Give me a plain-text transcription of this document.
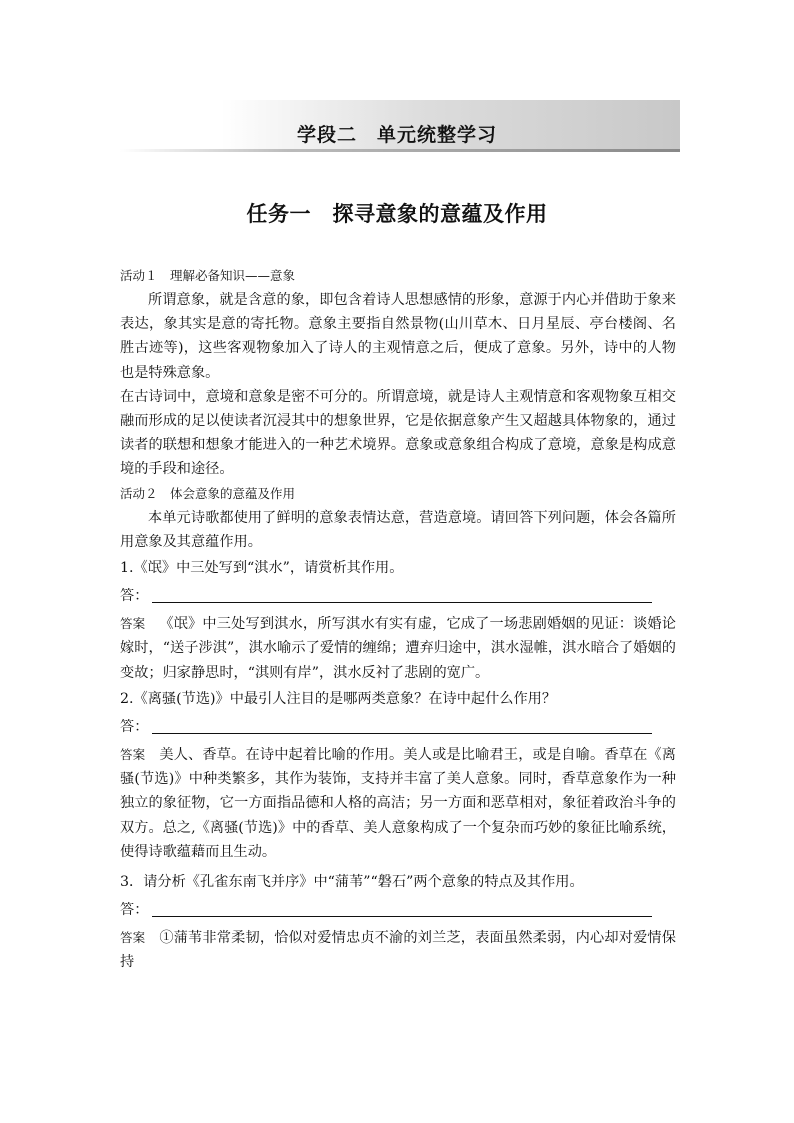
学段二　单元统整学习
任务一　探寻意象的意蕴及作用

活动１　理解必备知识——意象

所谓意象，就是含意的象，即包含着诗人思想感情的形象，意源于内心并借助于象来表达，象其实是意的寄托物。意象主要指自然景物(山川草木、日月星辰、亭台楼阁、名胜古迹等)，这些客观物象加入了诗人的主观情意之后，便成了意象。另外，诗中的人物也是特殊意象。

在古诗词中，意境和意象是密不可分的。所谓意境，就是诗人主观情意和客观物象互相交融而形成的足以使读者沉浸其中的想象世界，它是依据意象产生又超越具体物象的，通过读者的联想和想象才能进入的一种艺术境界。意象或意象组合构成了意境，意象是构成意境的手段和途径。

活动２　体会意象的意蕴及作用

本单元诗歌都使用了鲜明的意象表情达意，营造意境。请回答下列问题，体会各篇所用意象及其意蕴作用。

1.《氓》中三处写到“淇水”，请赏析其作用。

答：

答案 《氓》中三处写到淇水，所写淇水有实有虚，它成了一场悲剧婚姻的见证：谈婚论嫁时，“送子涉淇”，淇水喻示了爱情的缠绵；遭弃归途中，淇水湿帷，淇水暗合了婚姻的变故；归家静思时，“淇则有岸”，淇水反衬了悲剧的宽广。

2.《离骚(节选)》中最引人注目的是哪两类意象？在诗中起什么作用？

答：

答案 美人、香草。在诗中起着比喻的作用。美人或是比喻君王，或是自喻。香草在《离骚(节选)》中种类繁多，其作为装饰，支持并丰富了美人意象。同时，香草意象作为一种独立的象征物，它一方面指品德和人格的高洁；另一方面和恶草相对，象征着政治斗争的双方。总之,《离骚(节选)》中的香草、美人意象构成了一个复杂而巧妙的象征比喻系统，使得诗歌蕴藉而且生动。

3．请分析《孔雀东南飞并序》中“蒲苇”“磐石”两个意象的特点及其作用。

答：

答案 ①蒲苇非常柔韧，恰似对爱情忠贞不渝的刘兰芝，表面虽然柔弱，内心却对爱情保持
